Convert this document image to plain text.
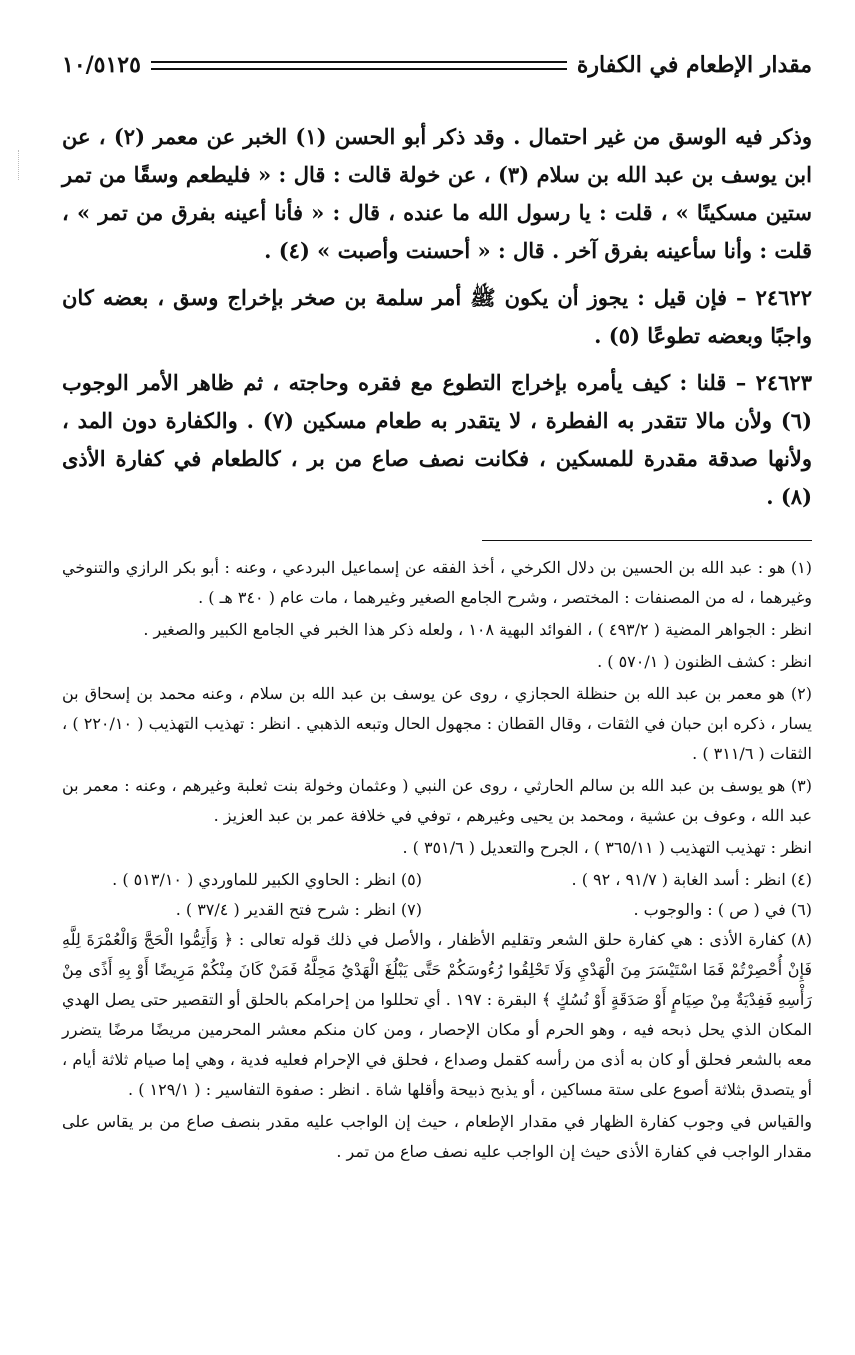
مقدار الإطعام في الكفارة
١٠/٥١٢٥

وذكر فيه الوسق من غير احتمال . وقد ذكر أبو الحسن (١) الخبر عن معمر (٢) ، عن ابن يوسف بن عبد الله بن سلام (٣) ، عن خولة قالت : قال : « فليطعم وسقًا من تمر ستين مسكينًا » ، قلت : يا رسول الله ما عنده ، قال : « فأنا أعينه بفرق من تمر » ، قلت : وأنا سأعينه بفرق آخر . قال : « أحسنت وأصبت » (٤) .

٢٤٦٢٢ – فإن قيل : يجوز أن يكون ﷺ أمر سلمة بن صخر بإخراج وسق ، بعضه كان واجبًا وبعضه تطوعًا (٥) .

٢٤٦٢٣ – قلنا : كيف يأمره بإخراج التطوع مع فقره وحاجته ، ثم ظاهر الأمر الوجوب (٦) ولأن مالا تتقدر به الفطرة ، لا يتقدر به طعام مسكين (٧) . والكفارة دون المد ، ولأنها صدقة مقدرة للمسكين ، فكانت نصف صاع من بر ، كالطعام في كفارة الأذى (٨) .

(١) هو : عبد الله بن الحسين بن دلال الكرخي ، أخذ الفقه عن إسماعيل البردعي ، وعنه : أبو بكر الرازي والتنوخي وغيرهما ، له من المصنفات : المختصر ، وشرح الجامع الصغير وغيرهما ، مات عام ( ٣٤٠ هـ ) .

انظر : الجواهر المضية ( ٤٩٣/٢ ) ، الفوائد البهية ١٠٨ ، ولعله ذكر هذا الخبر في الجامع الكبير والصغير .

انظر : كشف الظنون ( ٥٧٠/١ ) .

(٢) هو معمر بن عبد الله بن حنظلة الحجازي ، روى عن يوسف بن عبد الله بن سلام ، وعنه محمد بن إسحاق بن يسار ، ذكره ابن حبان في الثقات ، وقال القطان : مجهول الحال وتبعه الذهبي . انظر : تهذيب التهذيب ( ٢٢٠/١٠ ) ، الثقات ( ٣١١/٦ ) .

(٣) هو يوسف بن عبد الله بن سالم الحارثي ، روى عن النبي ( وعثمان وخولة بنت ثعلبة وغيرهم ، وعنه : معمر بن عبد الله ، وعوف بن عشية ، ومحمد بن يحيى وغيرهم ، توفي في خلافة عمر بن عبد العزيز .

انظر : تهذيب التهذيب ( ٣٦٥/١١ ) ، الجرح والتعديل ( ٣٥١/٦ ) .

(٤) انظر : أسد الغابة ( ٩١/٧ ، ٩٢ ) .
(٥) انظر : الحاوي الكبير للماوردي ( ٥١٣/١٠ ) .
(٦) في ( ص ) : والوجوب .
(٧) انظر : شرح فتح القدير ( ٣٧/٤ ) .

(٨) كفارة الأذى : هي كفارة حلق الشعر وتقليم الأظفار ، والأصل في ذلك قوله تعالى : ﴿ وَأَتِمُّوا الْحَجَّ وَالْعُمْرَةَ لِلَّهِ فَإِنْ أُحْصِرْتُمْ فَمَا اسْتَيْسَرَ مِنَ الْهَدْيِ وَلَا تَحْلِقُوا رُءُوسَكُمْ حَتَّى يَبْلُغَ الْهَدْيُ مَحِلَّهُ فَمَنْ كَانَ مِنْكُمْ مَرِيضًا أَوْ بِهِ أَذًى مِنْ رَأْسِهِ فَفِدْيَةٌ مِنْ صِيَامٍ أَوْ صَدَقَةٍ أَوْ نُسُكٍ ﴾ البقرة : ١٩٧ . أي تحللوا من إحرامكم بالحلق أو التقصير حتى يصل الهدي المكان الذي يحل ذبحه فيه ، وهو الحرم أو مكان الإحصار ، ومن كان منكم معشر المحرمين مريضًا مرضًا يتضرر معه بالشعر فحلق أو كان به أذى من رأسه كقمل وصداع ، فحلق في الإحرام فعليه فدية ، وهي إما صيام ثلاثة أيام ، أو يتصدق بثلاثة أصوع على ستة مساكين ، أو يذبح ذبيحة وأقلها شاة . انظر : صفوة التفاسير : ( ١٢٩/١ ) .

والقياس في وجوب كفارة الظهار في مقدار الإطعام ، حيث إن الواجب عليه مقدر بنصف صاع من بر يقاس على مقدار الواجب في كفارة الأذى حيث إن الواجب عليه نصف صاع من تمر .
